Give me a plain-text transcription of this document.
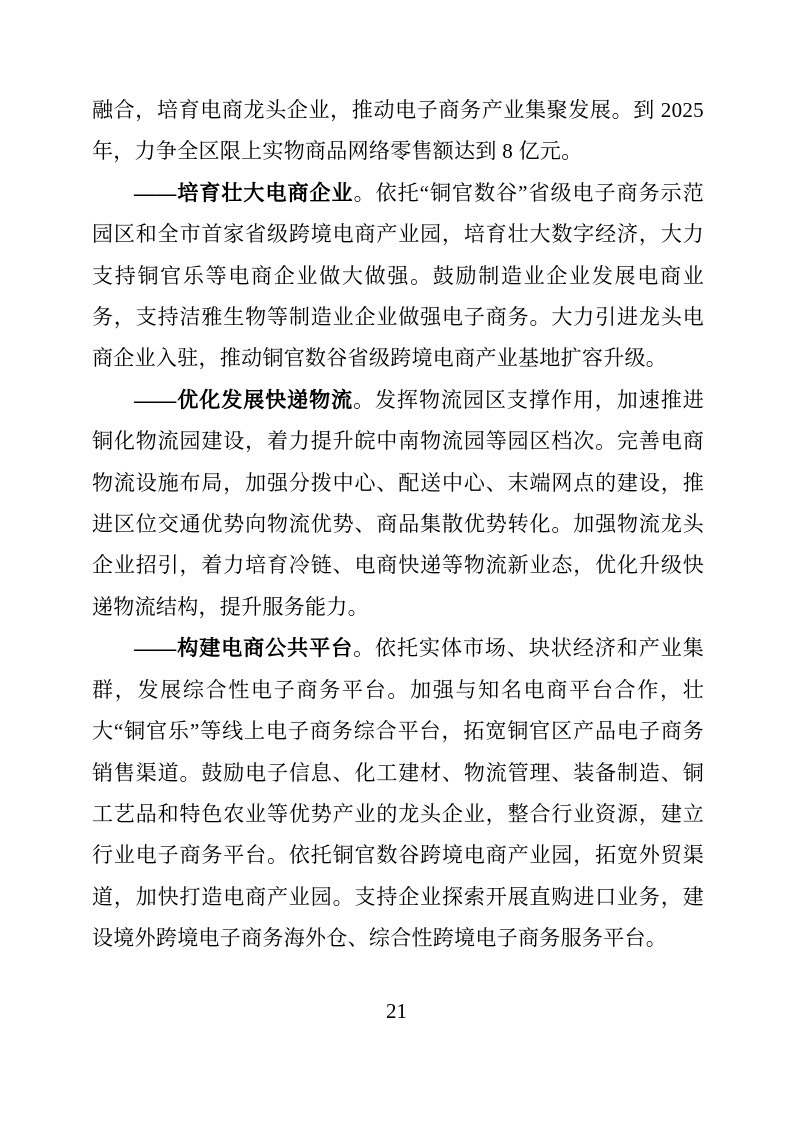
融合，培育电商龙头企业，推动电子商务产业集聚发展。到 2025 年，力争全区限上实物商品网络零售额达到 8 亿元。

——培育壮大电商企业。依托“铜官数谷”省级电子商务示范园区和全市首家省级跨境电商产业园，培育壮大数字经济，大力支持铜官乐等电商企业做大做强。鼓励制造业企业发展电商业务，支持洁雅生物等制造业企业做强电子商务。大力引进龙头电商企业入驻，推动铜官数谷省级跨境电商产业基地扩容升级。

——优化发展快递物流。发挥物流园区支撑作用，加速推进铜化物流园建设，着力提升皖中南物流园等园区档次。完善电商物流设施布局，加强分拨中心、配送中心、末端网点的建设，推进区位交通优势向物流优势、商品集散优势转化。加强物流龙头企业招引，着力培育冷链、电商快递等物流新业态，优化升级快递物流结构，提升服务能力。

——构建电商公共平台。依托实体市场、块状经济和产业集群，发展综合性电子商务平台。加强与知名电商平台合作，壮大“铜官乐”等线上电子商务综合平台，拓宽铜官区产品电子商务销售渠道。鼓励电子信息、化工建材、物流管理、装备制造、铜工艺品和特色农业等优势产业的龙头企业，整合行业资源，建立行业电子商务平台。依托铜官数谷跨境电商产业园，拓宽外贸渠道，加快打造电商产业园。支持企业探索开展直购进口业务，建设境外跨境电子商务海外仓、综合性跨境电子商务服务平台。

21
